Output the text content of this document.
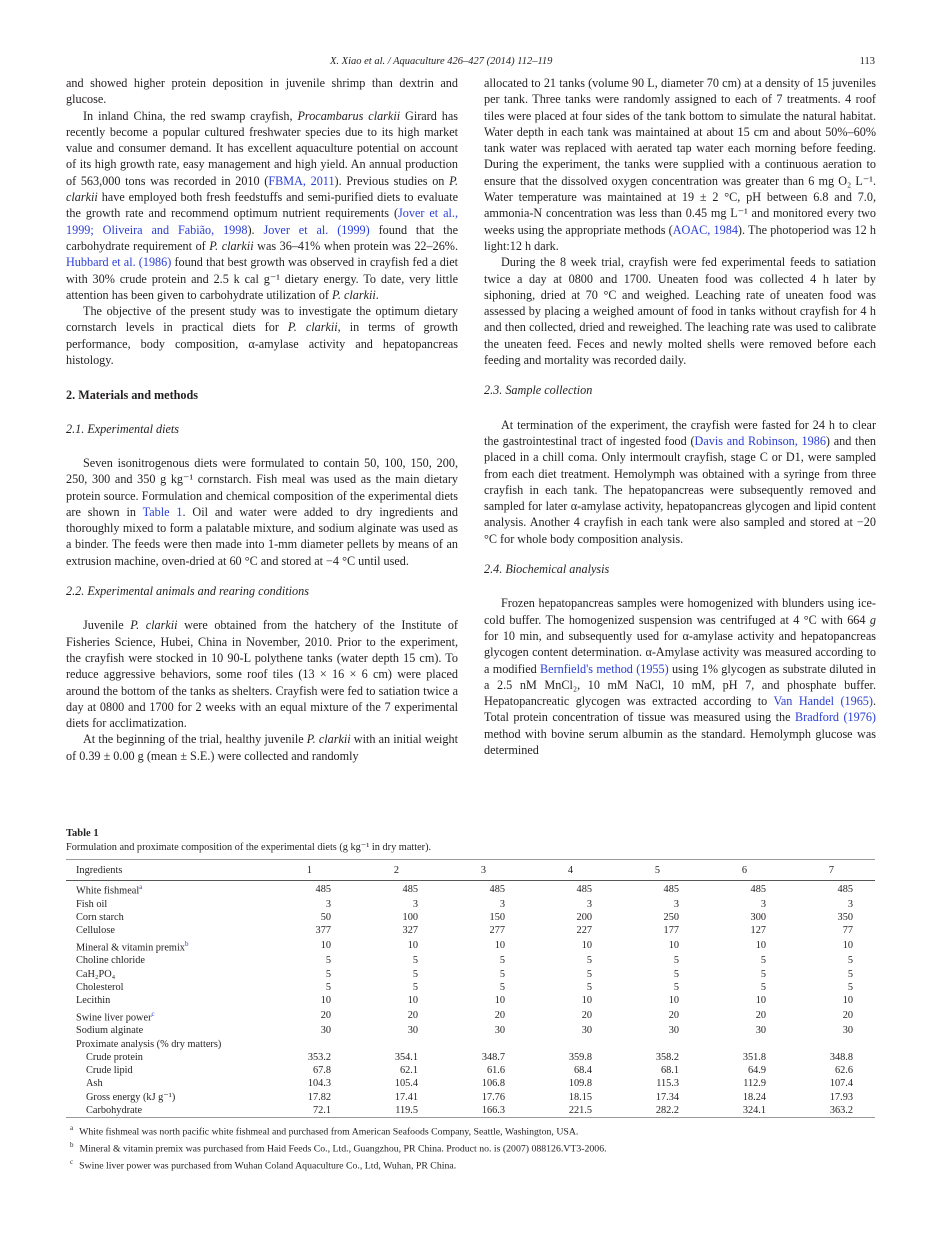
X. Xiao et al. / Aquaculture 426–427 (2014) 112–119	113

and showed higher protein deposition in juvenile shrimp than dextrin and glucose.

In inland China, the red swamp crayfish, Procambarus clarkii Girard has recently become a popular cultured freshwater species due to its high market value and consumer demand. It has excellent aquaculture potential on account of its high growth rate, easy management and high yield. An annual production of 563,000 tons was recorded in 2010 (FBMA, 2011). Previous studies on P. clarkii have employed both fresh feedstuffs and semi-purified diets to evaluate the growth rate and recommend optimum nutrient requirements (Jover et al., 1999; Oliveira and Fabião, 1998). Jover et al. (1999) found that the carbohydrate requirement of P. clarkii was 36–41% when protein was 22–26%. Hubbard et al. (1986) found that best growth was observed in crayfish fed a diet with 30% crude protein and 2.5 k cal g⁻¹ dietary energy. To date, very little attention has been given to carbohydrate utilization of P. clarkii.

The objective of the present study was to investigate the optimum dietary cornstarch levels in practical diets for P. clarkii, in terms of growth performance, body composition, α-amylase activity and hepatopancreas histology.

2. Materials and methods
2.1. Experimental diets

Seven isonitrogenous diets were formulated to contain 50, 100, 150, 200, 250, 300 and 350 g kg⁻¹ cornstarch. Fish meal was used as the main dietary protein source. Formulation and chemical composition of the experimental diets are shown in Table 1. Oil and water were added to dry ingredients and thoroughly mixed to form a palatable mixture, and sodium alginate was used as a binder. The feeds were then made into 1-mm diameter pellets by means of an extrusion machine, oven-dried at 60 °C and stored at −4 °C until used.

2.2. Experimental animals and rearing conditions

Juvenile P. clarkii were obtained from the hatchery of the Institute of Fisheries Science, Hubei, China in November, 2010. Prior to the experiment, the crayfish were stocked in 10 90-L polythene tanks (water depth 15 cm). To reduce aggressive behaviors, some roof tiles (13 × 16 × 6 cm) were placed around the bottom of the tanks as shelters. Crayfish were fed to satiation twice a day at 0800 and 1700 for 2 weeks with an equal mixture of the 7 experimental diets for acclimatization.

At the beginning of the trial, healthy juvenile P. clarkii with an initial weight of 0.39 ± 0.00 g (mean ± S.E.) were collected and randomly

allocated to 21 tanks (volume 90 L, diameter 70 cm) at a density of 15 juveniles per tank. Three tanks were randomly assigned to each of 7 treatments. 4 roof tiles were placed at four sides of the tank bottom to simulate the natural habitat. Water depth in each tank was maintained at about 15 cm and about 50%–60% tank water was replaced with aerated tap water each morning before feeding. During the experiment, the tanks were supplied with a continuous aeration to ensure that the dissolved oxygen concentration was greater than 6 mg O₂ L⁻¹. Water temperature was maintained at 19 ± 2 °C, pH between 6.8 and 7.0, ammonia-N concentration was less than 0.45 mg L⁻¹ and monitored every two weeks using the appropriate methods (AOAC, 1984). The photoperiod was 12 h light:12 h dark.

During the 8 week trial, crayfish were fed experimental feeds to satiation twice a day at 0800 and 1700. Uneaten food was collected 4 h later by siphoning, dried at 70 °C and weighed. Leaching rate of uneaten food was assessed by placing a weighed amount of food in tanks without crayfish for 4 h and then collected, dried and reweighed. The leaching rate was used to calibrate the uneaten feed. Feces and newly molted shells were removed before each feeding and mortality was recorded daily.

2.3. Sample collection

At termination of the experiment, the crayfish were fasted for 24 h to clear the gastrointestinal tract of ingested food (Davis and Robinson, 1986) and then placed in a chill coma. Only intermoult crayfish, stage C or D1, were sampled from each diet treatment. Hemolymph was obtained with a syringe from three crayfish in each tank. The hepatopancreas were subsequently removed and sampled for later α-amylase activity, hepatopancreas glycogen and lipid content analysis. Another 4 crayfish in each tank were also sampled and stored at −20 °C for whole body composition analysis.

2.4. Biochemical analysis

Frozen hepatopancreas samples were homogenized with blunders using ice-cold buffer. The homogenized suspension was centrifuged at 4 °C with 664 g for 10 min, and subsequently used for α-amylase activity and hepatopancreas glycogen content determination. α-Amylase activity was measured according to a modified Bernfield's method (1955) using 1% glycogen as substrate diluted in a 2.5 nM MnCl₂, 10 mM NaCl, 10 mM, pH 7, and phosphate buffer. Hepatopancreatic glycogen was extracted according to Van Handel (1965). Total protein concentration of tissue was measured using the Bradford (1976) method with bovine serum albumin as the standard. Hemolymph glucose was determined

Table 1
Formulation and proximate composition of the experimental diets (g kg⁻¹ in dry matter).
Ingredients	1	2	3	4	5	6	7
White fishmeal$^a$	485	485	485	485	485	485	485
Fish oil	3	3	3	3	3	3	3
Corn starch	50	100	150	200	250	300	350
Cellulose	377	327	277	227	177	127	77
Mineral & vitamin premix$^b$	10	10	10	10	10	10	10
Choline chloride	5	5	5	5	5	5	5
CaH₂PO₄	5	5	5	5	5	5	5
Cholesterol	5	5	5	5	5	5	5
Lecithin	10	10	10	10	10	10	10
Swine liver power$^c$	20	20	20	20	20	20	20
Sodium alginate	30	30	30	30	30	30	30
Proximate analysis (% dry matters)							
Crude protein	353.2	354.1	348.7	359.8	358.2	351.8	348.8
Crude lipid	67.8	62.1	61.6	68.4	68.1	64.9	62.6
Ash	104.3	105.4	106.8	109.8	115.3	112.9	107.4
Gross energy (kJ g⁻¹)	17.82	17.41	17.76	18.15	17.34	18.24	17.93
Carbohydrate	72.1	119.5	166.3	221.5	282.2	324.1	363.2
$^a$ White fishmeal was north pacific white fishmeal and purchased from American Seafoods Company, Seattle, Washington, USA.
$^b$ Mineral & vitamin premix was purchased from Haid Feeds Co., Ltd., Guangzhou, PR China. Product no. is (2007) 088126.VT3-2006.
$^c$ Swine liver power was purchased from Wuhan Coland Aquaculture Co., Ltd, Wuhan, PR China.
